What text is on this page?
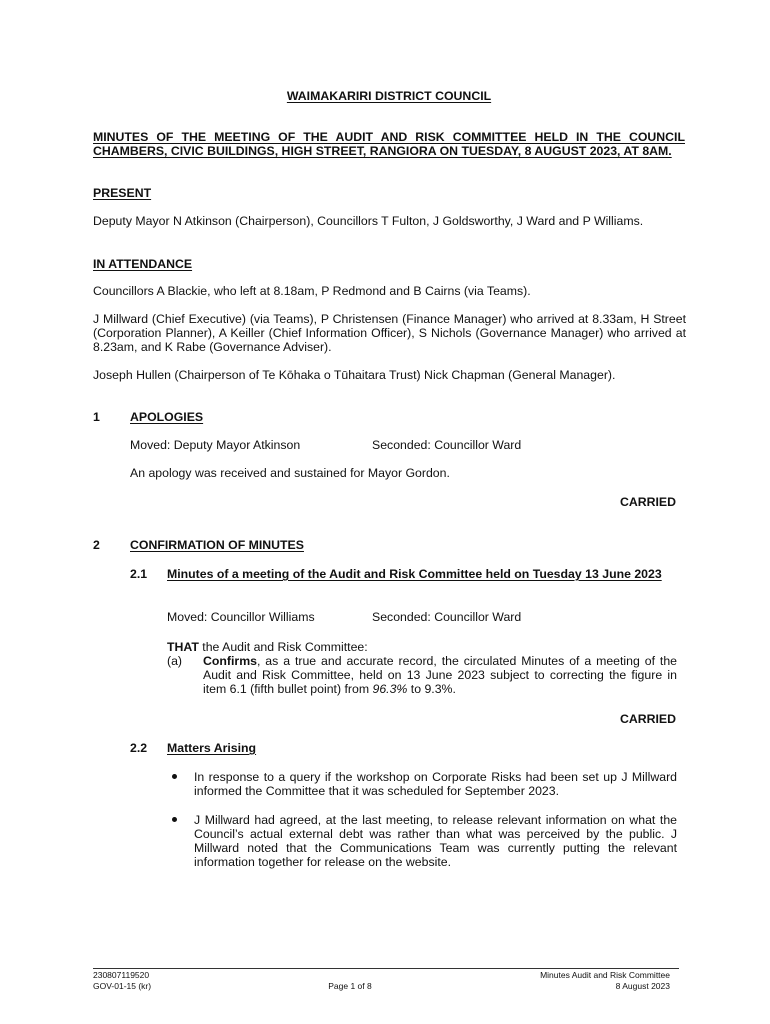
WAIMAKARIRI DISTRICT COUNCIL
MINUTES OF THE MEETING OF THE AUDIT AND RISK COMMITTEE HELD IN THE COUNCIL CHAMBERS, CIVIC BUILDINGS, HIGH STREET, RANGIORA ON TUESDAY, 8 AUGUST 2023, AT 8AM.
PRESENT
Deputy Mayor N Atkinson (Chairperson), Councillors T Fulton, J Goldsworthy, J Ward and P Williams.
IN ATTENDANCE
Councillors A Blackie, who left at 8.18am, P Redmond and B Cairns (via Teams).
J Millward (Chief Executive) (via Teams), P Christensen (Finance Manager) who arrived at 8.33am, H Street (Corporation Planner), A Keiller (Chief Information Officer), S Nichols (Governance Manager) who arrived at 8.23am, and K Rabe (Governance Adviser).
Joseph Hullen (Chairperson of Te Kōhaka o Tūhaitara Trust) Nick Chapman (General Manager).
1 APOLOGIES
Moved: Deputy Mayor Atkinson	Seconded: Councillor Ward
An apology was received and sustained for Mayor Gordon.
CARRIED
2 CONFIRMATION OF MINUTES
2.1 Minutes of a meeting of the Audit and Risk Committee held on Tuesday 13 June 2023
Moved: Councillor Williams	Seconded: Councillor Ward
THAT the Audit and Risk Committee:
(a) Confirms, as a true and accurate record, the circulated Minutes of a meeting of the Audit and Risk Committee, held on 13 June 2023 subject to correcting the figure in item 6.1 (fifth bullet point) from 96.3% to 9.3%.
CARRIED
2.2 Matters Arising
In response to a query if the workshop on Corporate Risks had been set up J Millward informed the Committee that it was scheduled for September 2023.
J Millward had agreed, at the last meeting, to release relevant information on what the Council’s actual external debt was rather than what was perceived by the public. J Millward noted that the Communications Team was currently putting the relevant information together for release on the website.
230807119520
GOV-01-15 (kr)	Page 1 of 8
Minutes Audit and Risk Committee
8 August 2023
